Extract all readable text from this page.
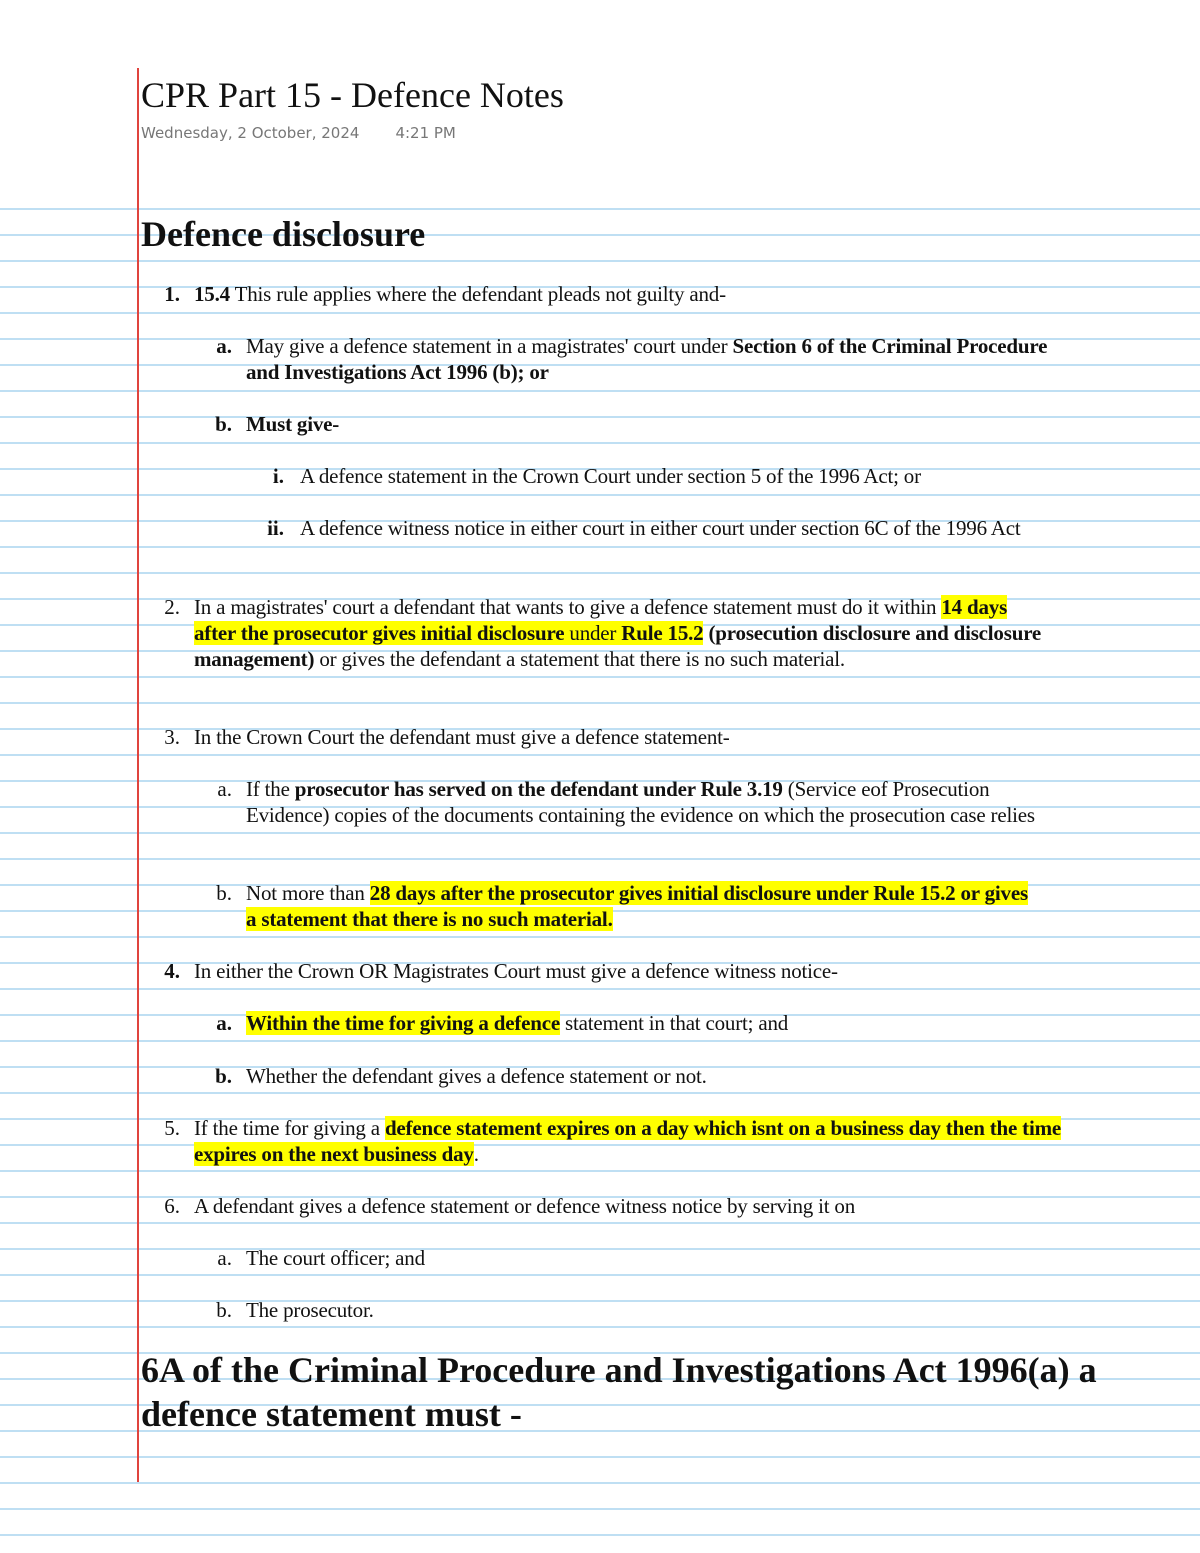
CPR Part 15 - Defence Notes
Wednesday, 2 October, 2024 4:21 PM
Defence disclosure
1. 15.4 This rule applies where the defendant pleads not guilty and-
a. May give a defence statement in a magistrates' court under Section 6 of the Criminal Procedure and Investigations Act 1996 (b); or
b. Must give-
i. A defence statement in the Crown Court under section 5 of the 1996 Act; or
ii. A defence witness notice in either court in either court under section 6C of the 1996 Act
2. In a magistrates' court a defendant that wants to give a defence statement must do it within 14 days after the prosecutor gives initial disclosure under Rule 15.2 (prosecution disclosure and disclosure management) or gives the defendant a statement that there is no such material.
3. In the Crown Court the defendant must give a defence statement-
a. If the prosecutor has served on the defendant under Rule 3.19 (Service eof Prosecution Evidence) copies of the documents containing the evidence on which the prosecution case relies
b. Not more than 28 days after the prosecutor gives initial disclosure under Rule 15.2 or gives a statement that there is no such material.
4. In either the Crown OR Magistrates Court must give a defence witness notice-
a. Within the time for giving a defence statement in that court; and
b. Whether the defendant gives a defence statement or not.
5. If the time for giving a defence statement expires on a day which isnt on a business day then the time expires on the next business day.
6. A defendant gives a defence statement or defence witness notice by serving it on
a. The court officer; and
b. The prosecutor.
6A of the Criminal Procedure and Investigations Act 1996(a) a defence statement must -
